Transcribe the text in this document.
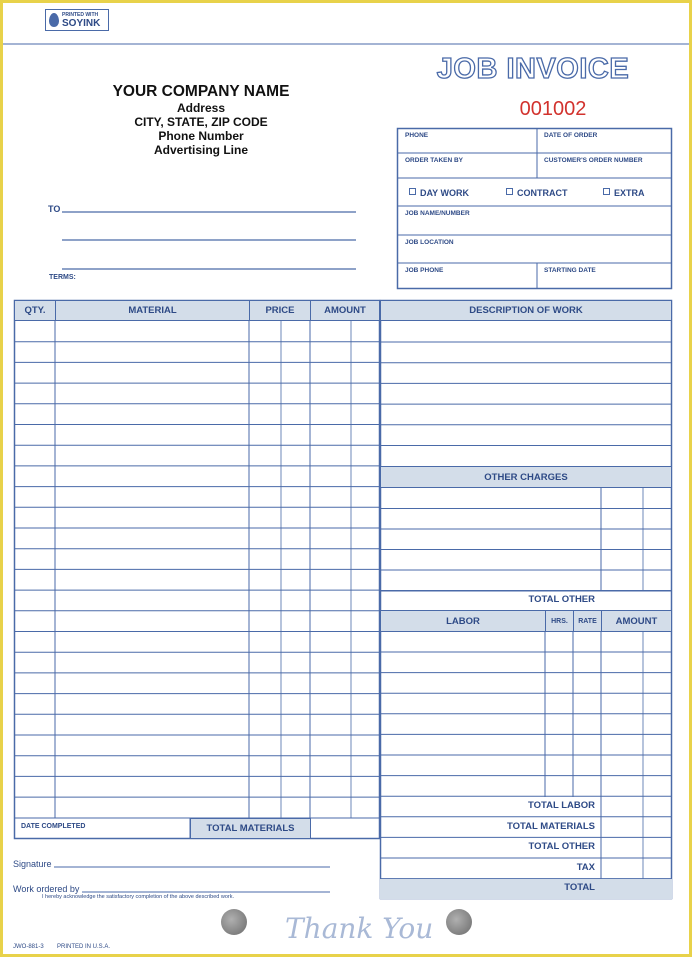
PRINTED WITH
SOYINK
YOUR COMPANY NAME
Address
CITY, STATE, ZIP CODE
Phone Number
Advertising Line
JOB INVOICE
001002
TO
TERMS:
PHONE	DATE OF ORDER
ORDER TAKEN BY	CUSTOMER'S ORDER NUMBER
DAY WORK	CONTRACT	EXTRA
JOB NAME/NUMBER
JOB LOCATION
JOB PHONE	STARTING DATE
QTY.	MATERIAL	PRICE	AMOUNT
DATE COMPLETED	TOTAL MATERIALS
DESCRIPTION OF WORK
OTHER CHARGES
TOTAL OTHER
LABOR	HRS.	RATE	AMOUNT
TOTAL LABOR
TOTAL MATERIALS
TOTAL OTHER
TAX
TOTAL
Signature
Work ordered by
I hereby acknowledge the satisfactory completion of the above described work.
Thank You
JWO-881-3 PRINTED IN U.S.A.
